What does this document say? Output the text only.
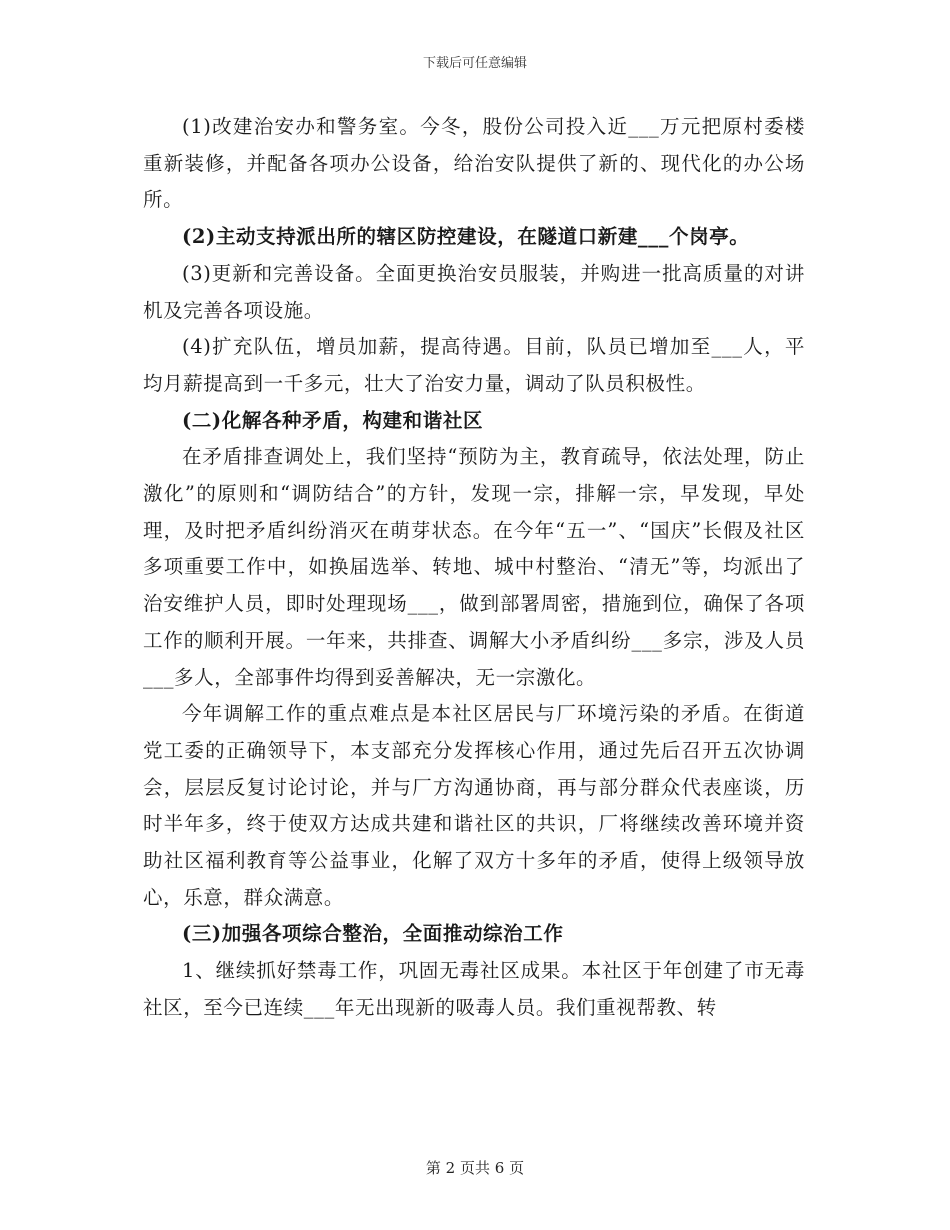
下载后可任意编辑

(1)改建治安办和警务室。今冬，股份公司投入近___万元把原村委楼重新装修，并配备各项办公设备，给治安队提供了新的、现代化的办公场所。

(2)主动支持派出所的辖区防控建设，在隧道口新建___个岗亭。

(3)更新和完善设备。全面更换治安员服装，并购进一批高质量的对讲机及完善各项设施。

(4)扩充队伍，增员加薪，提高待遇。目前，队员已增加至___人，平均月薪提高到一千多元，壮大了治安力量，调动了队员积极性。

(二)化解各种矛盾，构建和谐社区

在矛盾排查调处上，我们坚持“预防为主，教育疏导，依法处理，防止激化”的原则和“调防结合”的方针，发现一宗，排解一宗，早发现，早处理，及时把矛盾纠纷消灭在萌芽状态。在今年“五一”、“国庆”长假及社区多项重要工作中，如换届选举、转地、城中村整治、“清无”等，均派出了治安维护人员，即时处理现场___，做到部署周密，措施到位，确保了各项工作的顺利开展。一年来，共排查、调解大小矛盾纠纷___多宗，涉及人员___多人，全部事件均得到妥善解决，无一宗激化。

今年调解工作的重点难点是本社区居民与厂环境污染的矛盾。在街道党工委的正确领导下，本支部充分发挥核心作用，通过先后召开五次协调会，层层反复讨论讨论，并与厂方沟通协商，再与部分群众代表座谈，历时半年多，终于使双方达成共建和谐社区的共识，厂将继续改善环境并资助社区福利教育等公益事业，化解了双方十多年的矛盾，使得上级领导放心，乐意，群众满意。

(三)加强各项综合整治，全面推动综治工作

1、继续抓好禁毒工作，巩固无毒社区成果。本社区于年创建了市无毒社区，至今已连续___年无出现新的吸毒人员。我们重视帮教、转

第 2 页共 6 页
